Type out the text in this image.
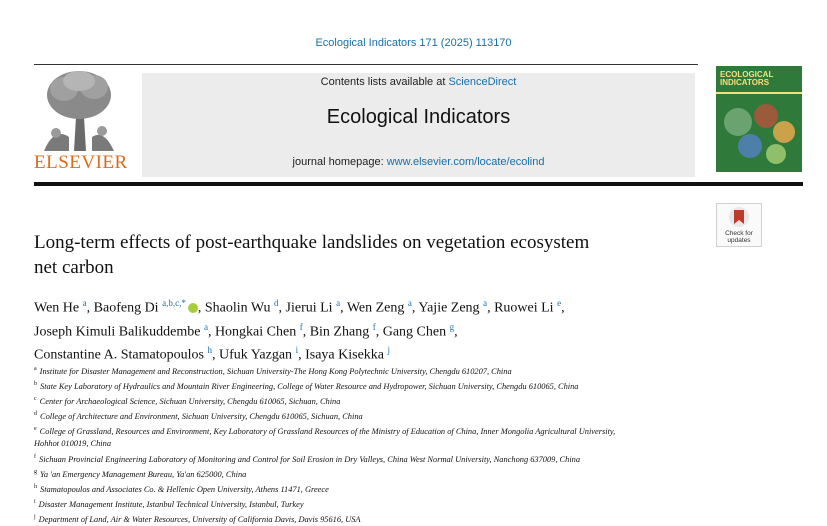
Ecological Indicators 171 (2025) 113170
ELSEVIER
Contents lists available at ScienceDirect
Ecological Indicators
journal homepage: www.elsevier.com/locate/ecolind
ECOLOGICAL INDICATORS
Check for updates
Long-term effects of post-earthquake landslides on vegetation ecosystem
net carbon
Wen He $^a$, Baofeng Di $^{a,b,c,*}$ , Shaolin Wu $^d$, Jierui Li $^a$, Wen Zeng $^a$, Yajie Zeng $^a$, Ruowei Li $^e$,
Joseph Kimuli Balikuddembe $^a$, Hongkai Chen $^f$, Bin Zhang $^f$, Gang Chen $^g$,
Constantine A. Stamatopoulos $^h$, Ufuk Yazgan $^i$, Isaya Kisekka $^j$
$^a$ Institute for Disaster Management and Reconstruction, Sichuan University-The Hong Kong Polytechnic University, Chengdu 610207, China
$^b$ State Key Laboratory of Hydraulics and Mountain River Engineering, College of Water Resource and Hydropower, Sichuan University, Chengdu 610065, China
$^c$ Center for Archaeological Science, Sichuan University, Chengdu 610065, Sichuan, China
$^d$ College of Architecture and Environment, Sichuan University, Chengdu 610065, Sichuan, China
$^e$ College of Grassland, Resources and Environment, Key Laboratory of Grassland Resources of the Ministry of Education of China, Inner Mongolia Agricultural University,
Hohhot 010019, China
$^f$ Sichuan Provincial Engineering Laboratory of Monitoring and Control for Soil Erosion in Dry Valleys, China West Normal University, Nanchong 637009, China
$^g$ Ya 'an Emergency Management Bureau, Ya'an 625000, China
$^h$ Stamatopoulos and Associates Co. & Hellenic Open University, Athens 11471, Greece
$^i$ Disaster Management Institute, Istanbul Technical University, Istanbul, Turkey
$^j$ Department of Land, Air & Water Resources, University of California Davis, Davis 95616, USA
